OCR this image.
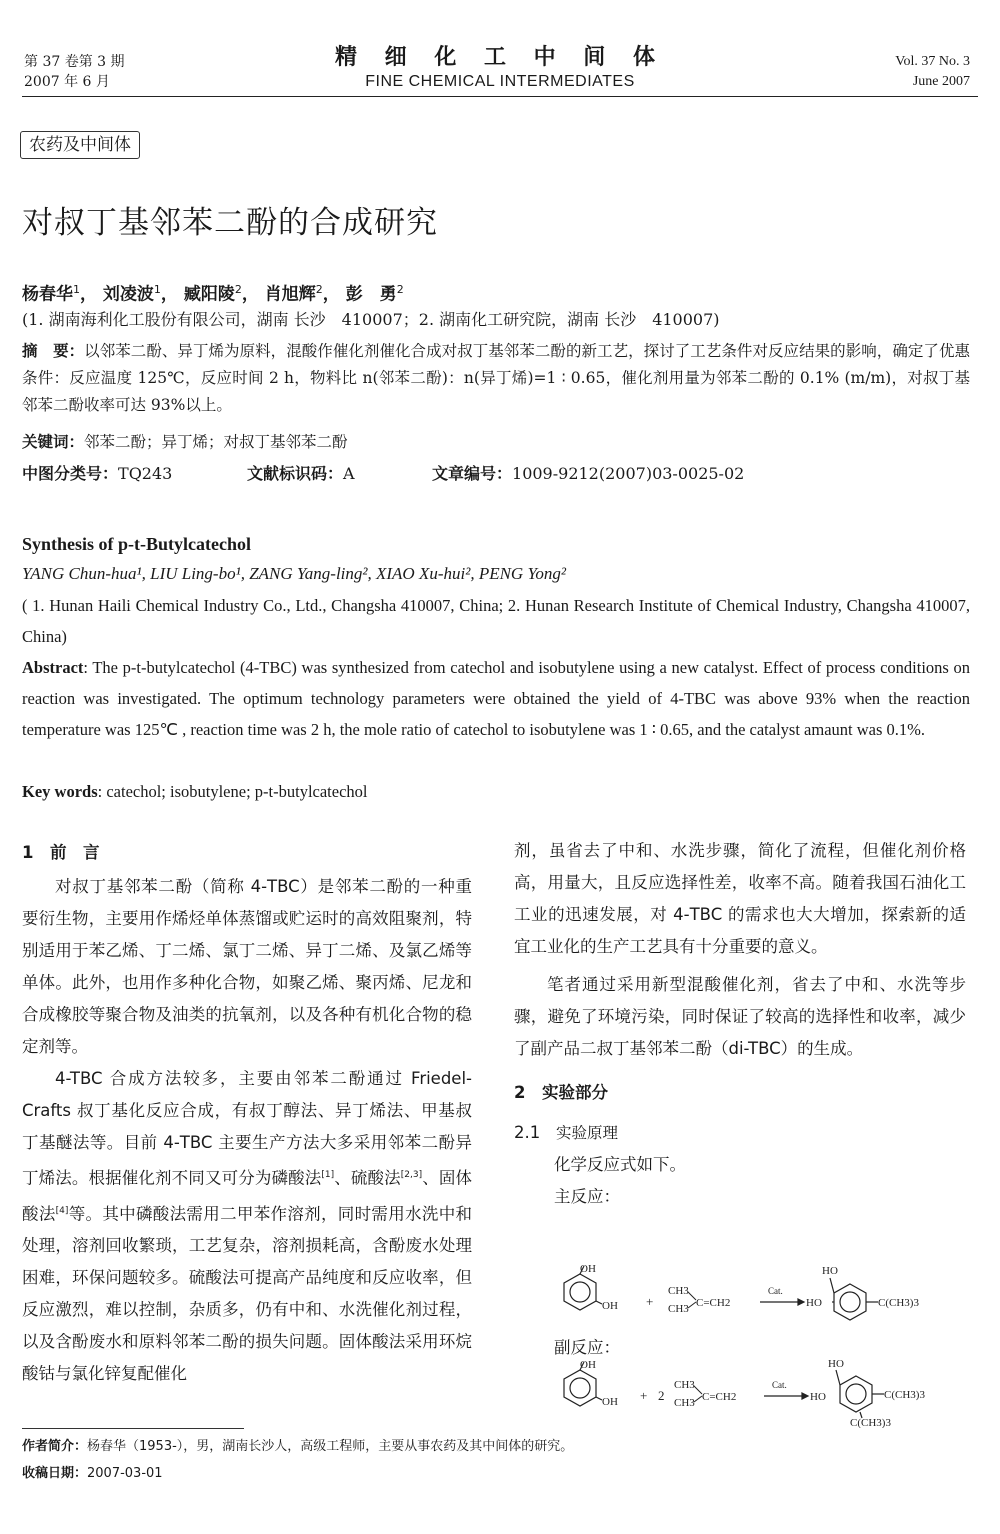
第 37 卷第 3 期
2007 年 6 月
精 细 化 工 中 间 体
FINE CHEMICAL INTERMEDIATES
Vol. 37 No. 3
June 2007
农药及中间体
对叔丁基邻苯二酚的合成研究
杨春华$^1$， 刘凌波$^1$， 臧阳陵$^2$， 肖旭辉$^2$， 彭　勇$^2$
(1. 湖南海利化工股份有限公司，湖南 长沙　410007；2. 湖南化工研究院，湖南 长沙　410007)
摘　要：以邻苯二酚、异丁烯为原料，混酸作催化剂催化合成对叔丁基邻苯二酚的新工艺，探讨了工艺条件对反应结果的影响，确定了优惠条件：反应温度 125℃，反应时间 2 h，物料比 n(邻苯二酚)：n(异丁烯)=1 ∶ 0.65，催化剂用量为邻苯二酚的 0.1% (m/m)，对叔丁基邻苯二酚收率可达 93%以上。
关键词：邻苯二酚；异丁烯；对叔丁基邻苯二酚
中图分类号：TQ243	文献标识码：A	文章编号：1009-9212(2007)03-0025-02
Synthesis of p-t-Butylcatechol
YANG Chun-hua¹, LIU Ling-bo¹, ZANG Yang-ling², XIAO Xu-hui², PENG Yong²
( 1. Hunan Haili Chemical Industry Co., Ltd., Changsha 410007, China; 2. Hunan Research Institute of Chemical Industry, Changsha 410007, China)
Abstract: The p-t-butylcatechol (4-TBC) was synthesized from catechol and isobutylene using a new catalyst. Effect of process conditions on reaction was investigated. The optimum technology parameters were obtained the yield of 4-TBC was above 93% when the reaction temperature was 125℃ , reaction time was 2 h, the mole ratio of catechol to isobutylene was 1 ∶ 0.65, and the catalyst amaunt was 0.1%.
Key words: catechol; isobutylene; p-t-butylcatechol

1　前　言

对叔丁基邻苯二酚（简称 4-TBC）是邻苯二酚的一种重要衍生物，主要用作烯烃单体蒸馏或贮运时的高效阻聚剂，特别适用于苯乙烯、丁二烯、氯丁二烯、异丁二烯、及氯乙烯等单体。此外，也用作多种化合物，如聚乙烯、聚丙烯、尼龙和合成橡胶等聚合物及油类的抗氧剂，以及各种有机化合物的稳定剂等。

4-TBC 合成方法较多，主要由邻苯二酚通过 Friedel-Crafts 叔丁基化反应合成，有叔丁醇法、异丁烯法、甲基叔丁基醚法等。目前 4-TBC 主要生产方法大多采用邻苯二酚异丁烯法。根据催化剂不同又可分为磷酸法[1]、硫酸法[2,3]、固体酸法[4]等。其中磷酸法需用二甲苯作溶剂，同时需用水洗中和处理，溶剂回收繁琐，工艺复杂，溶剂损耗高，含酚废水处理困难，环保问题较多。硫酸法可提高产品纯度和反应收率，但反应激烈，难以控制，杂质多，仍有中和、水洗催化剂过程，以及含酚废水和原料邻苯二酚的损失问题。固体酸法采用环烷酸钴与氯化锌复配催化

剂，虽省去了中和、水洗步骤，简化了流程，但催化剂价格高，用量大，且反应选择性差，收率不高。随着我国石油化工工业的迅速发展，对 4-TBC 的需求也大大增加，探索新的适宜工业化的生产工艺具有十分重要的意义。

笔者通过采用新型混酸催化剂，省去了中和、水洗等步骤，避免了环境污染，同时保证了较高的选择性和收率，减少了副产品二叔丁基邻苯二酚（di-TBC）的生成。

2　实验部分

2.1 实验原理

化学反应式如下。

主反应：

OH
OH +
CH3
CH3 C=CH2
Cat.
HO
HO
C(CH3)3
副反应：
OH
OH + 2
CH3
CH3 C=CH2
Cat.
HO
HO
C(CH3)3
C(CH3)3
作者简介：杨春华（1953-），男，湖南长沙人，高级工程师，主要从事农药及其中间体的研究。
收稿日期：2007-03-01
